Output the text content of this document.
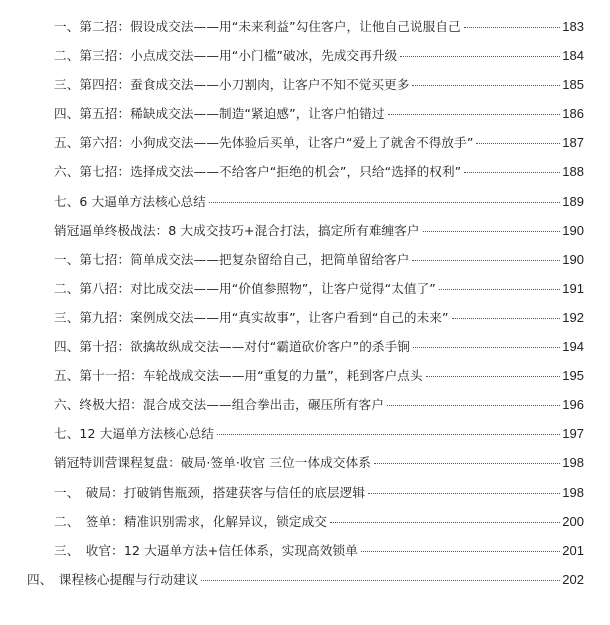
一、第二招：假设成交法——用“未来利益”勾住客户，让他自己说服自己	183
二、第三招：小点成交法——用“小门槛”破冰，先成交再升级	184
三、第四招：蚕食成交法——小刀割肉，让客户不知不觉买更多	185
四、第五招：稀缺成交法——制造“紧迫感”，让客户怕错过	186
五、第六招：小狗成交法——先体验后买单，让客户“爱上了就舍不得放手”	187
六、第七招：选择成交法——不给客户“拒绝的机会”，只给“选择的权利”	188
七、6 大逼单方法核心总结	189
销冠逼单终极战法：8 大成交技巧+混合打法，搞定所有难缠客户	190
一、第七招：简单成交法——把复杂留给自己，把简单留给客户	190
二、第八招：对比成交法——用“价值参照物”，让客户觉得“太值了”	191
三、第九招：案例成交法——用“真实故事”，让客户看到“自己的未来”	192
四、第十招：欲擒故纵成交法——对付“霸道砍价客户”的杀手锏	194
五、第十一招：车轮战成交法——用“重复的力量”，耗到客户点头	195
六、终极大招：混合成交法——组合拳出击，碾压所有客户	196
七、12 大逼单方法核心总结	197
销冠特训营课程复盘：破局·签单·收官 三位一体成交体系	198
一、　破局：打破销售瓶颈，搭建获客与信任的底层逻辑	198
二、　签单：精准识别需求，化解异议，锁定成交	200
三、　收官：12 大逼单方法+信任体系，实现高效锁单	201
四、　课程核心提醒与行动建议	202
